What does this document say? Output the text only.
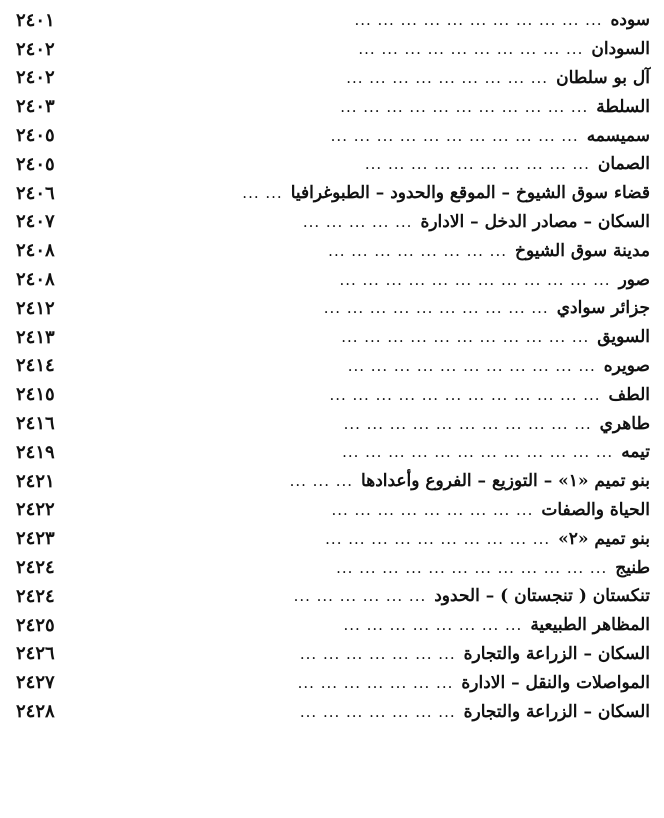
سوده
... ... ... ... ... ... ... ... ... ... ...
٢٤٠١
السودان
... ... ... ... ... ... ... ... ... ...
٢٤٠٢
آل بو سلطان
... ... ... ... ... ... ... ... ...
٢٤٠٢
السلطة
... ... ... ... ... ... ... ... ... ... ...
٢٤٠٣
سميسمه
... ... ... ... ... ... ... ... ... ... ...
٢٤٠٥
الصمان
... ... ... ... ... ... ... ... ... ...
٢٤٠٥
قضاء سوق الشيوخ – الموقع والحدود – الطبوغرافيا
... ...
٢٤٠٦
السكان – مصادر الدخل – الادارة
... ... ... ... ...
٢٤٠٧
مدينة سوق الشيوخ
... ... ... ... ... ... ... ...
٢٤٠٨
صور
... ... ... ... ... ... ... ... ... ... ... ...
٢٤٠٨
جزائر سوادي
... ... ... ... ... ... ... ... ... ...
٢٤١٢
السويق
... ... ... ... ... ... ... ... ... ... ...
٢٤١٣
صويره
... ... ... ... ... ... ... ... ... ... ...
٢٤١٤
الطف
... ... ... ... ... ... ... ... ... ... ... ...
٢٤١٥
طاهري
... ... ... ... ... ... ... ... ... ... ...
٢٤١٦
تيمه
... ... ... ... ... ... ... ... ... ... ... ...
٢٤١٩
بنو تميم «١» – التوزيع – الفروع وأعدادها
... ... ...
٢٤٢١
الحياة والصفات
... ... ... ... ... ... ... ... ...
٢٤٢٢
بنو تميم «٢»
... ... ... ... ... ... ... ... ... ...
٢٤٢٣
طنيج
... ... ... ... ... ... ... ... ... ... ... ...
٢٤٢٤
تنكستان ( تنجستان ) – الحدود
... ... ... ... ... ...
٢٤٢٤
المظاهر الطبيعية
... ... ... ... ... ... ... ...
٢٤٢٥
السكان – الزراعة والتجارة
... ... ... ... ... ... ...
٢٤٢٦
المواصلات والنقل – الادارة
... ... ... ... ... ... ...
٢٤٢٧
السكان – الزراعة والتجارة
... ... ... ... ... ... ...
٢٤٢٨
